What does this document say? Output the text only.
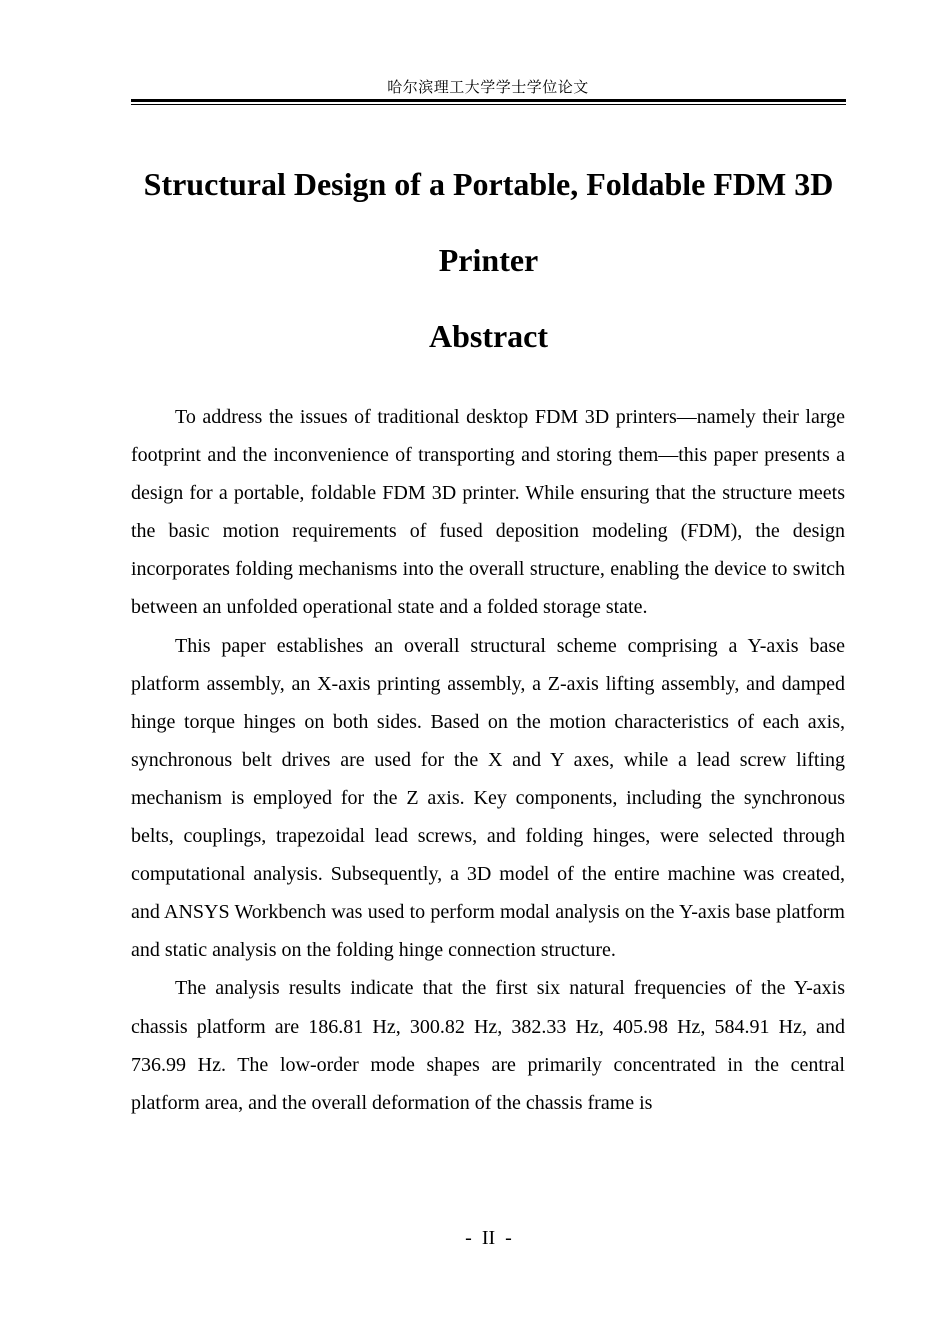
哈尔滨理工大学学士学位论文
Structural Design of a Portable, Foldable FDM 3D Printer
Abstract

To address the issues of traditional desktop FDM 3D printers—namely their large footprint and the inconvenience of transporting and storing them—this paper presents a design for a portable, foldable FDM 3D printer. While ensuring that the structure meets the basic motion requirements of fused deposition modeling (FDM), the design incorporates folding mechanisms into the overall structure, enabling the device to switch between an unfolded operational state and a folded storage state.

This paper establishes an overall structural scheme comprising a Y-axis base platform assembly, an X-axis printing assembly, a Z-axis lifting assembly, and damped hinge torque hinges on both sides. Based on the motion characteristics of each axis, synchronous belt drives are used for the X and Y axes, while a lead screw lifting mechanism is employed for the Z axis. Key components, including the synchronous belts, couplings, trapezoidal lead screws, and folding hinges, were selected through computational analysis. Subsequently, a 3D model of the entire machine was created, and ANSYS Workbench was used to perform modal analysis on the Y-axis base platform and static analysis on the folding hinge connection structure.

The analysis results indicate that the first six natural frequencies of the Y-axis chassis platform are 186.81 Hz, 300.82 Hz, 382.33 Hz, 405.98 Hz, 584.91 Hz, and 736.99 Hz. The low-order mode shapes are primarily concentrated in the central platform area, and the overall deformation of the chassis frame is

-  II  -
